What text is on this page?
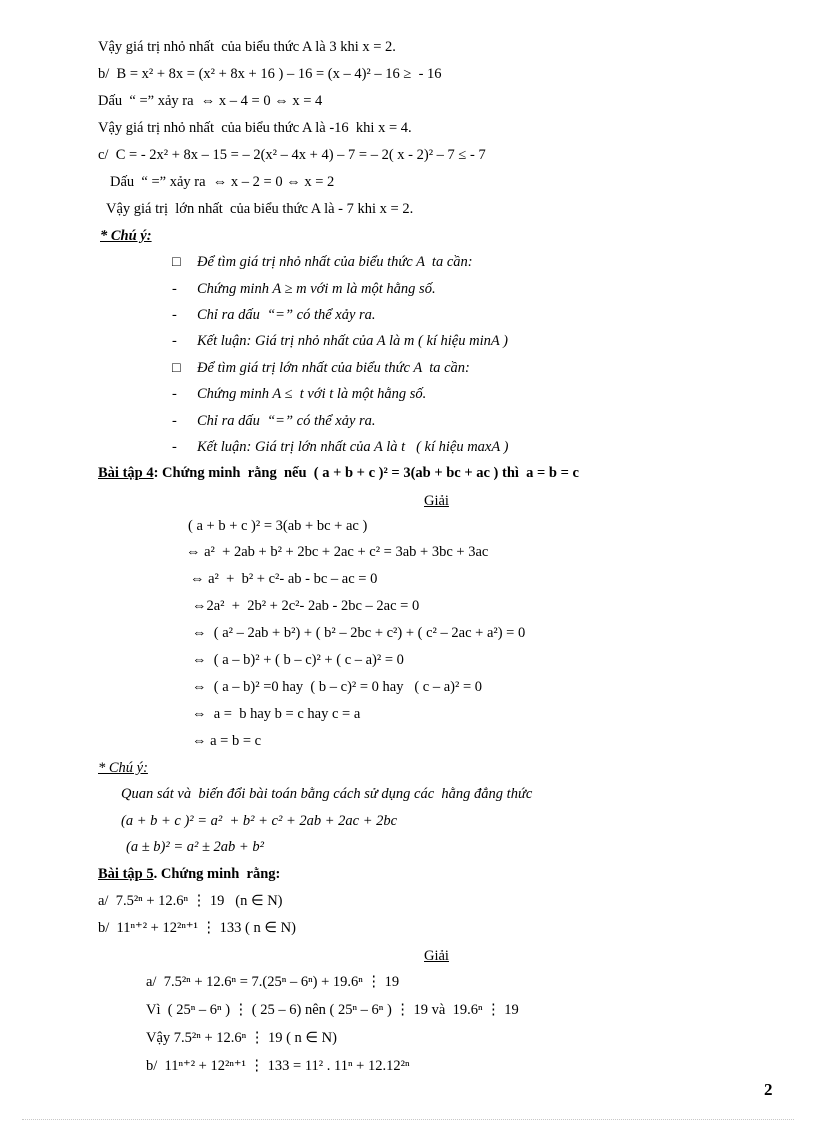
Vậy giá trị nhỏ nhất  của biểu thức A là 3 khi x = 2.
b/  B = x² + 8x = (x² + 8x + 16 ) – 16 = (x – 4)² – 16 ≥  - 16
Dấu  “ =” xảy ra  ⇔ x – 4 = 0 ⇔ x = 4
Vậy giá trị nhỏ nhất  của biểu thức A là -16  khi x = 4.
c/  C = - 2x² + 8x – 15 = – 2(x² – 4x + 4) – 7 = – 2( x - 2)² – 7 ≤ - 7
Dấu  “ =” xảy ra  ⇔ x – 2 = 0 ⇔ x = 2
Vậy giá trị  lớn nhất  của biểu thức A là - 7 khi x = 2.
* Chú ý:
□ Để tìm giá trị nhỏ nhất của biểu thức A  ta cần:
- Chứng minh A ≥ m với m là một hằng số.
- Chỉ ra dấu  “=” có thể xảy ra.
- Kết luận: Giá trị nhỏ nhất của A là m ( kí hiệu minA )
□ Để tìm giá trị lớn nhất của biểu thức A  ta cần:
- Chứng minh A ≤  t với t là một hằng số.
- Chỉ ra dấu  “=” có thể xảy ra.
- Kết luận: Giá trị lớn nhất của A là t   ( kí hiệu maxA )
Bài tập 4: Chứng minh  rằng  nếu  ( a + b + c )² = 3(ab + bc + ac ) thì  a = b = c
Giải
( a + b + c )² = 3(ab + bc + ac )
⇔ a²  + 2ab + b² + 2bc + 2ac + c² = 3ab + 3bc + 3ac
⇔ a²  +  b² + c²- ab - bc – ac = 0
⇔2a²  +  2b² + 2c²- 2ab - 2bc – 2ac = 0
⇔  ( a² – 2ab + b²) + ( b² – 2bc + c²) + ( c² – 2ac + a²) = 0
⇔  ( a – b)² + ( b – c)² + ( c – a)² = 0
⇔  ( a – b)² =0 hay  ( b – c)² = 0 hay   ( c – a)² = 0
⇔  a =  b hay b = c hay c = a
⇔ a = b = c
* Chú ý:
Quan sát và  biến đổi bài toán bằng cách sử dụng các  hằng đẳng thức
(a + b + c )² = a²  + b² + c² + 2ab + 2ac + 2bc
(a ± b)² = a² ± 2ab + b²
Bài tập 5. Chứng minh  rằng:
a/  7.5²ⁿ + 12.6ⁿ ⋮ 19   (n ∈ N)
b/  11ⁿ⁺² + 12²ⁿ⁺¹ ⋮ 133 ( n ∈ N)
Giải
a/  7.5²ⁿ + 12.6ⁿ = 7.(25ⁿ – 6ⁿ) + 19.6ⁿ ⋮ 19
Vì  ( 25ⁿ – 6ⁿ ) ⋮ ( 25 – 6) nên ( 25ⁿ – 6ⁿ ) ⋮ 19 và  19.6ⁿ ⋮ 19
Vậy 7.5²ⁿ + 12.6ⁿ ⋮ 19 ( n ∈ N)
b/  11ⁿ⁺² + 12²ⁿ⁺¹ ⋮ 133 = 11² . 11ⁿ + 12.12²ⁿ
2
